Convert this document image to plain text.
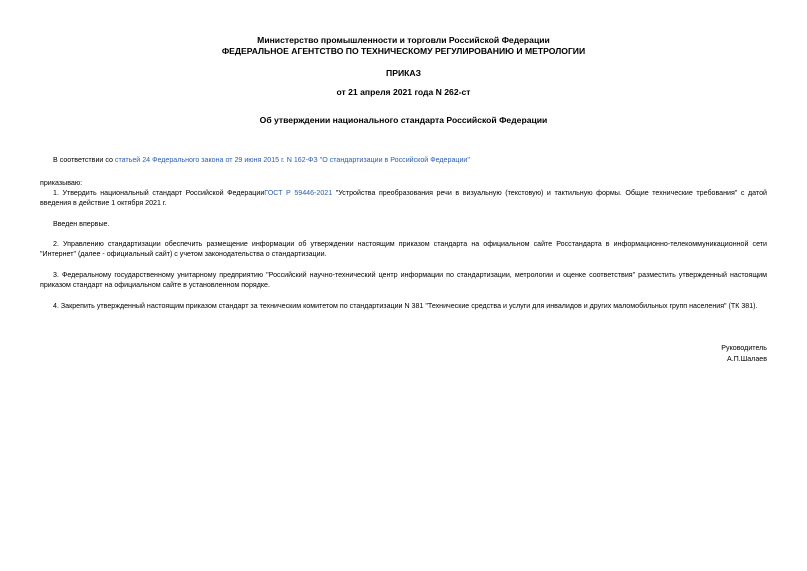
Министерство промышленности и торговли Российской Федерации
ФЕДЕРАЛЬНОЕ АГЕНТСТВО ПО ТЕХНИЧЕСКОМУ РЕГУЛИРОВАНИЮ И МЕТРОЛОГИИ
ПРИКАЗ
от 21 апреля 2021 года N 262-ст
Об утверждении национального стандарта Российской Федерации
В соответствии со статьей 24 Федерального закона от 29 июня 2015 г. N 162-ФЗ "О стандартизации в Российской Федерации"
приказываю:
1. Утвердить национальный стандарт Российской ФедерацииГОСТ Р 59446-2021 "Устройства преобразования речи в визуальную (текстовую) и тактильную формы. Общие технические требования" с датой
введения в действие 1 октября 2021 г.
Введен впервые.
2. Управлению стандартизации обеспечить размещение информации об утверждении настоящим приказом стандарта на официальном сайте Росстандарта в информационно-телекоммуникационной сети
"Интернет" (далее - официальный сайт) с учетом законодательства о стандартизации.
3. Федеральному государственному унитарному предприятию "Российский научно-технический центр информации по стандартизации, метрологии и оценке соответствия" разместить утвержденный настоящим
приказом стандарт на официальном сайте в установленном порядке.
4. Закрепить утвержденный настоящим приказом стандарт за техническим комитетом по стандартизации N 381 "Технические средства и услуги для инвалидов и других маломобильных групп населения" (ТК 381).
Руководитель
А.П.Шалаев
